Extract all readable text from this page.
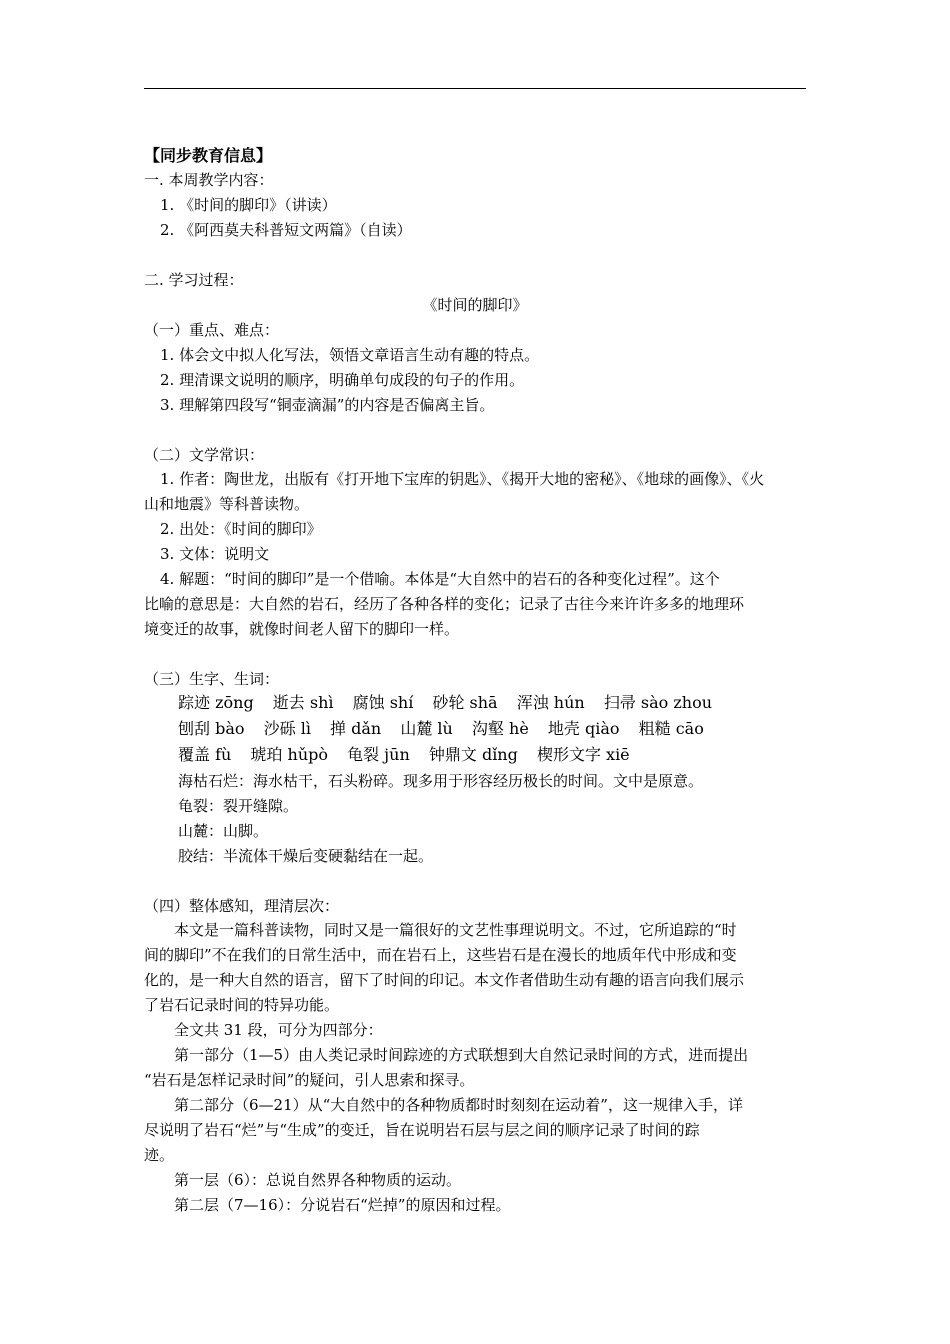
【同步教育信息】
一. 本周教学内容：
1. 《时间的脚印》（讲读）
2. 《阿西莫夫科普短文两篇》（自读）
二. 学习过程：
《时间的脚印》
（一）重点、难点：
1. 体会文中拟人化写法，领悟文章语言生动有趣的特点。
2. 理清课文说明的顺序，明确单句成段的句子的作用。
3. 理解第四段写“铜壶滴漏”的内容是否偏离主旨。
（二）文学常识：
1. 作者：陶世龙，出版有《打开地下宝库的钥匙》、《揭开大地的密秘》、《地球的画像》、《火
山和地震》等科普读物。
2. 出处：《时间的脚印》
3. 文体：说明文
4. 解题：“时间的脚印”是一个借喻。本体是“大自然中的岩石的各种变化过程”。这个
比喻的意思是：大自然的岩石，经历了各种各样的变化；记录了古往今来许许多多的地理环
境变迁的故事，就像时间老人留下的脚印一样。
（三）生字、生词：
踪迹 zōng 逝去 shì 腐蚀 shí 砂轮 shā 浑浊 hún 扫帚 sào zhou
刨刮 bào 沙砾 lì 掸 dǎn 山麓 lù 沟壑 hè 地壳 qiào 粗糙 cāo
覆盖 fù 琥珀 hǔpò 龟裂 jūn 钟鼎文 dǐng 楔形文字 xiē
海枯石烂：海水枯干，石头粉碎。现多用于形容经历极长的时间。文中是原意。
龟裂：裂开缝隙。
山麓：山脚。
胶结：半流体干燥后变硬黏结在一起。
（四）整体感知，理清层次：
　　本文是一篇科普读物，同时又是一篇很好的文艺性事理说明文。不过，它所追踪的“时
间的脚印”不在我们的日常生活中，而在岩石上，这些岩石是在漫长的地质年代中形成和变
化的，是一种大自然的语言，留下了时间的印记。本文作者借助生动有趣的语言向我们展示
了岩石记录时间的特异功能。
　　全文共 31 段，可分为四部分：
　　第一部分（1—5）由人类记录时间踪迹的方式联想到大自然记录时间的方式，进而提出
“岩石是怎样记录时间”的疑问，引人思索和探寻。
　　第二部分（6—21）从“大自然中的各种物质都时时刻刻在运动着”，这一规律入手，详
尽说明了岩石“烂”与“生成”的变迁，旨在说明岩石层与层之间的顺序记录了时间的踪
迹。
　　第一层（6）：总说自然界各种物质的运动。
　　第二层（7—16）：分说岩石“烂掉”的原因和过程。
